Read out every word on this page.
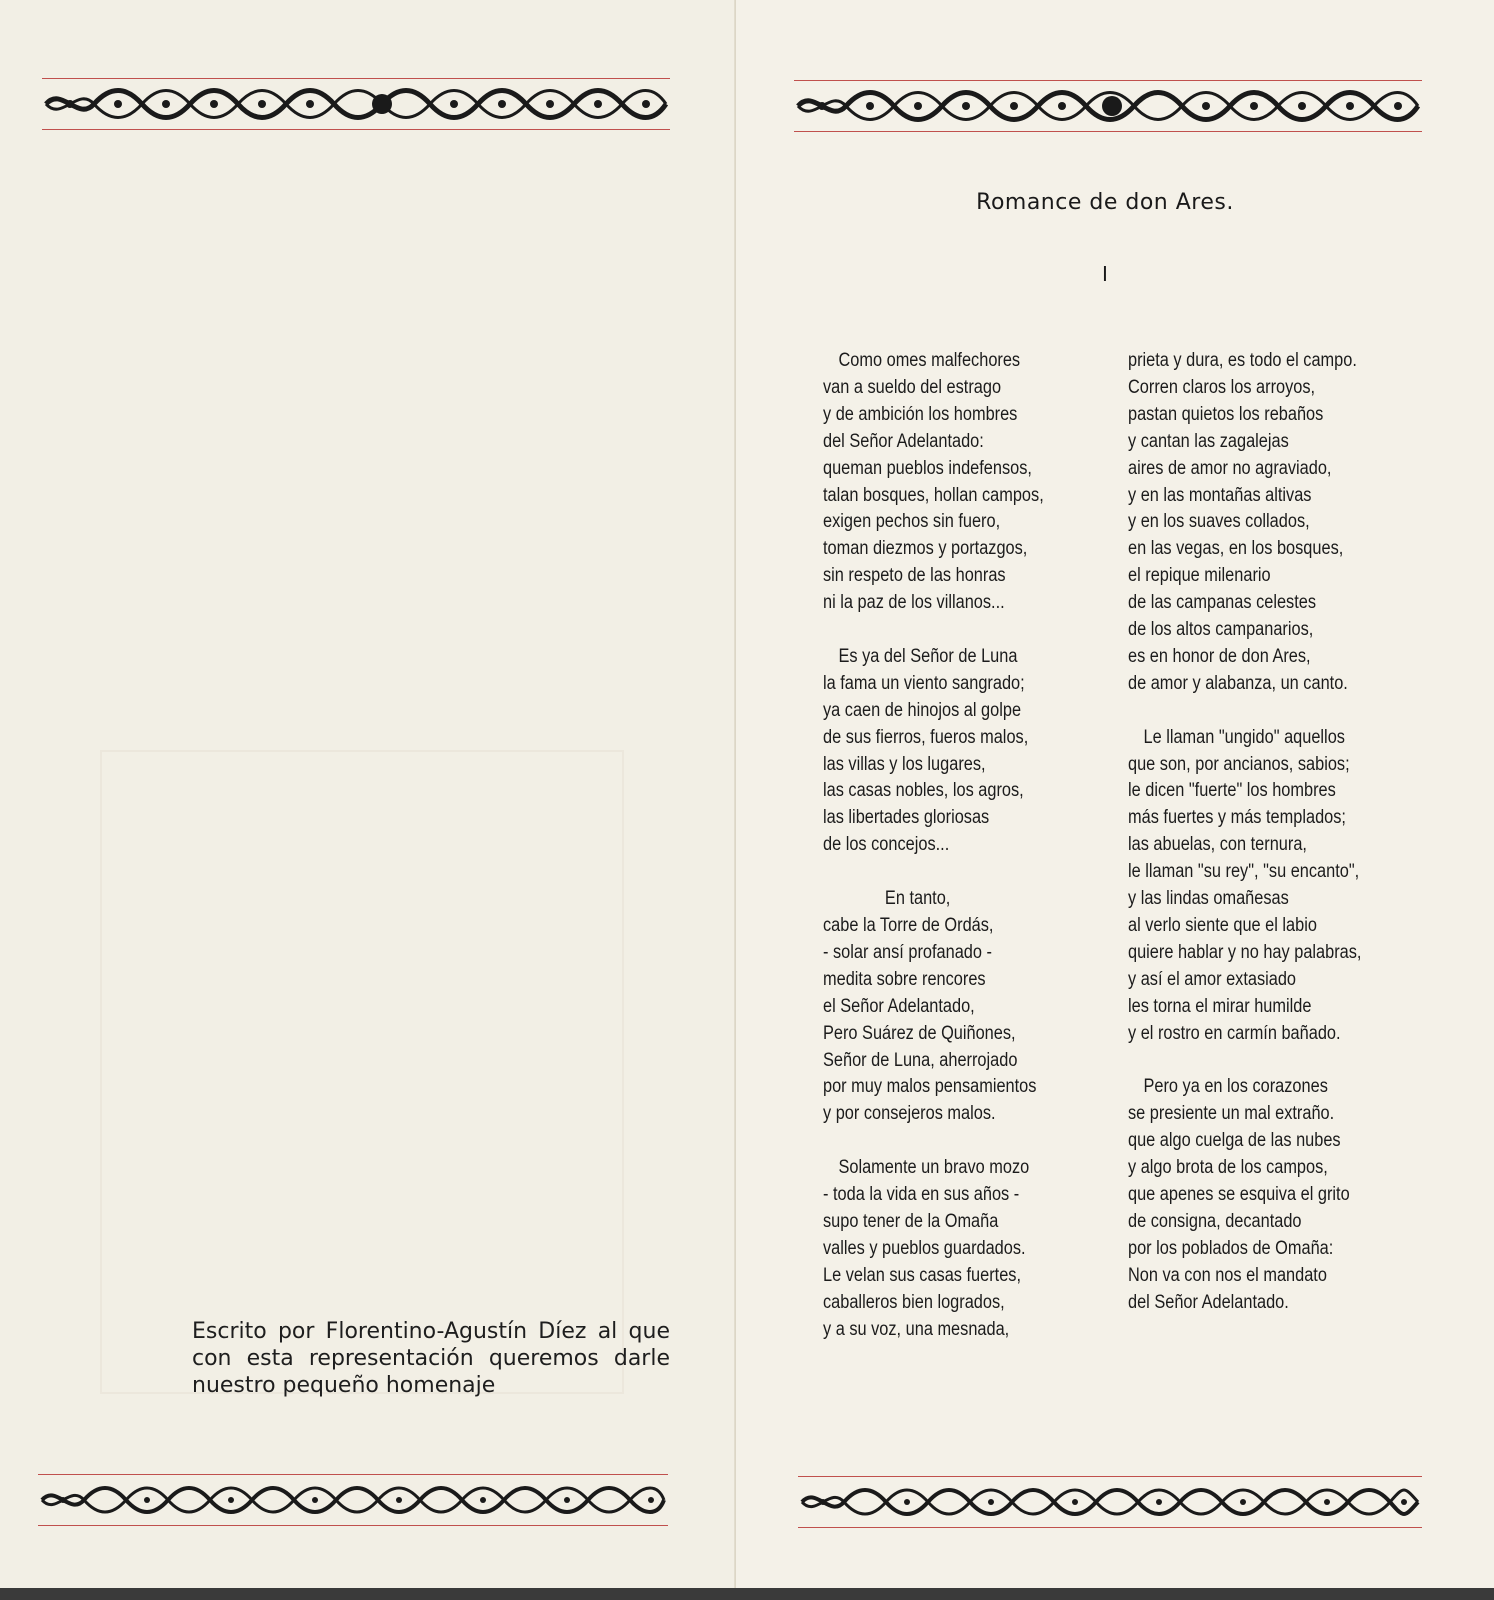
Escrito por Florentino-Agustín Díez al que con esta representación queremos darle nuestro pequeño homenaje
Romance de don Ares.
I
Como omes malfechores
van a sueldo del estrago
y de ambición los hombres
del Señor Adelantado:
queman pueblos indefensos,
talan bosques, hollan campos,
exigen pechos sin fuero,
toman diezmos y portazgos,
sin respeto de las honras
ni la paz de los villanos...
Es ya del Señor de Luna
la fama un viento sangrado;
ya caen de hinojos al golpe
de sus fierros, fueros malos,
las villas y los lugares,
las casas nobles, los agros,
las libertades gloriosas
de los concejos...
En tanto,
cabe la Torre de Ordás,
- solar ansí profanado -
medita sobre rencores
el Señor Adelantado,
Pero Suárez de Quiñones,
Señor de Luna, aherrojado
por muy malos pensamientos
y por consejeros malos.
Solamente un bravo mozo
- toda la vida en sus años -
supo tener de la Omaña
valles y pueblos guardados.
Le velan sus casas fuertes,
caballeros bien logrados,
y a su voz, una mesnada,
prieta y dura, es todo el campo.
Corren claros los arroyos,
pastan quietos los rebaños
y cantan las zagalejas
aires de amor no agraviado,
y en las montañas altivas
y en los suaves collados,
en las vegas, en los bosques,
el repique milenario
de las campanas celestes
de los altos campanarios,
es en honor de don Ares,
de amor y alabanza, un canto.
Le llaman "ungido" aquellos
que son, por ancianos, sabios;
le dicen "fuerte" los hombres
más fuertes y más templados;
las abuelas, con ternura,
le llaman "su rey", "su encanto",
y las lindas omañesas
al verlo siente que el labio
quiere hablar y no hay palabras,
y así el amor extasiado
les torna el mirar humilde
y el rostro en carmín bañado.
Pero ya en los corazones
se presiente un mal extraño.
que algo cuelga de las nubes
y algo brota de los campos,
que apenes se esquiva el grito
de consigna, decantado
por los poblados de Omaña:
Non va con nos el mandato
del Señor Adelantado.
